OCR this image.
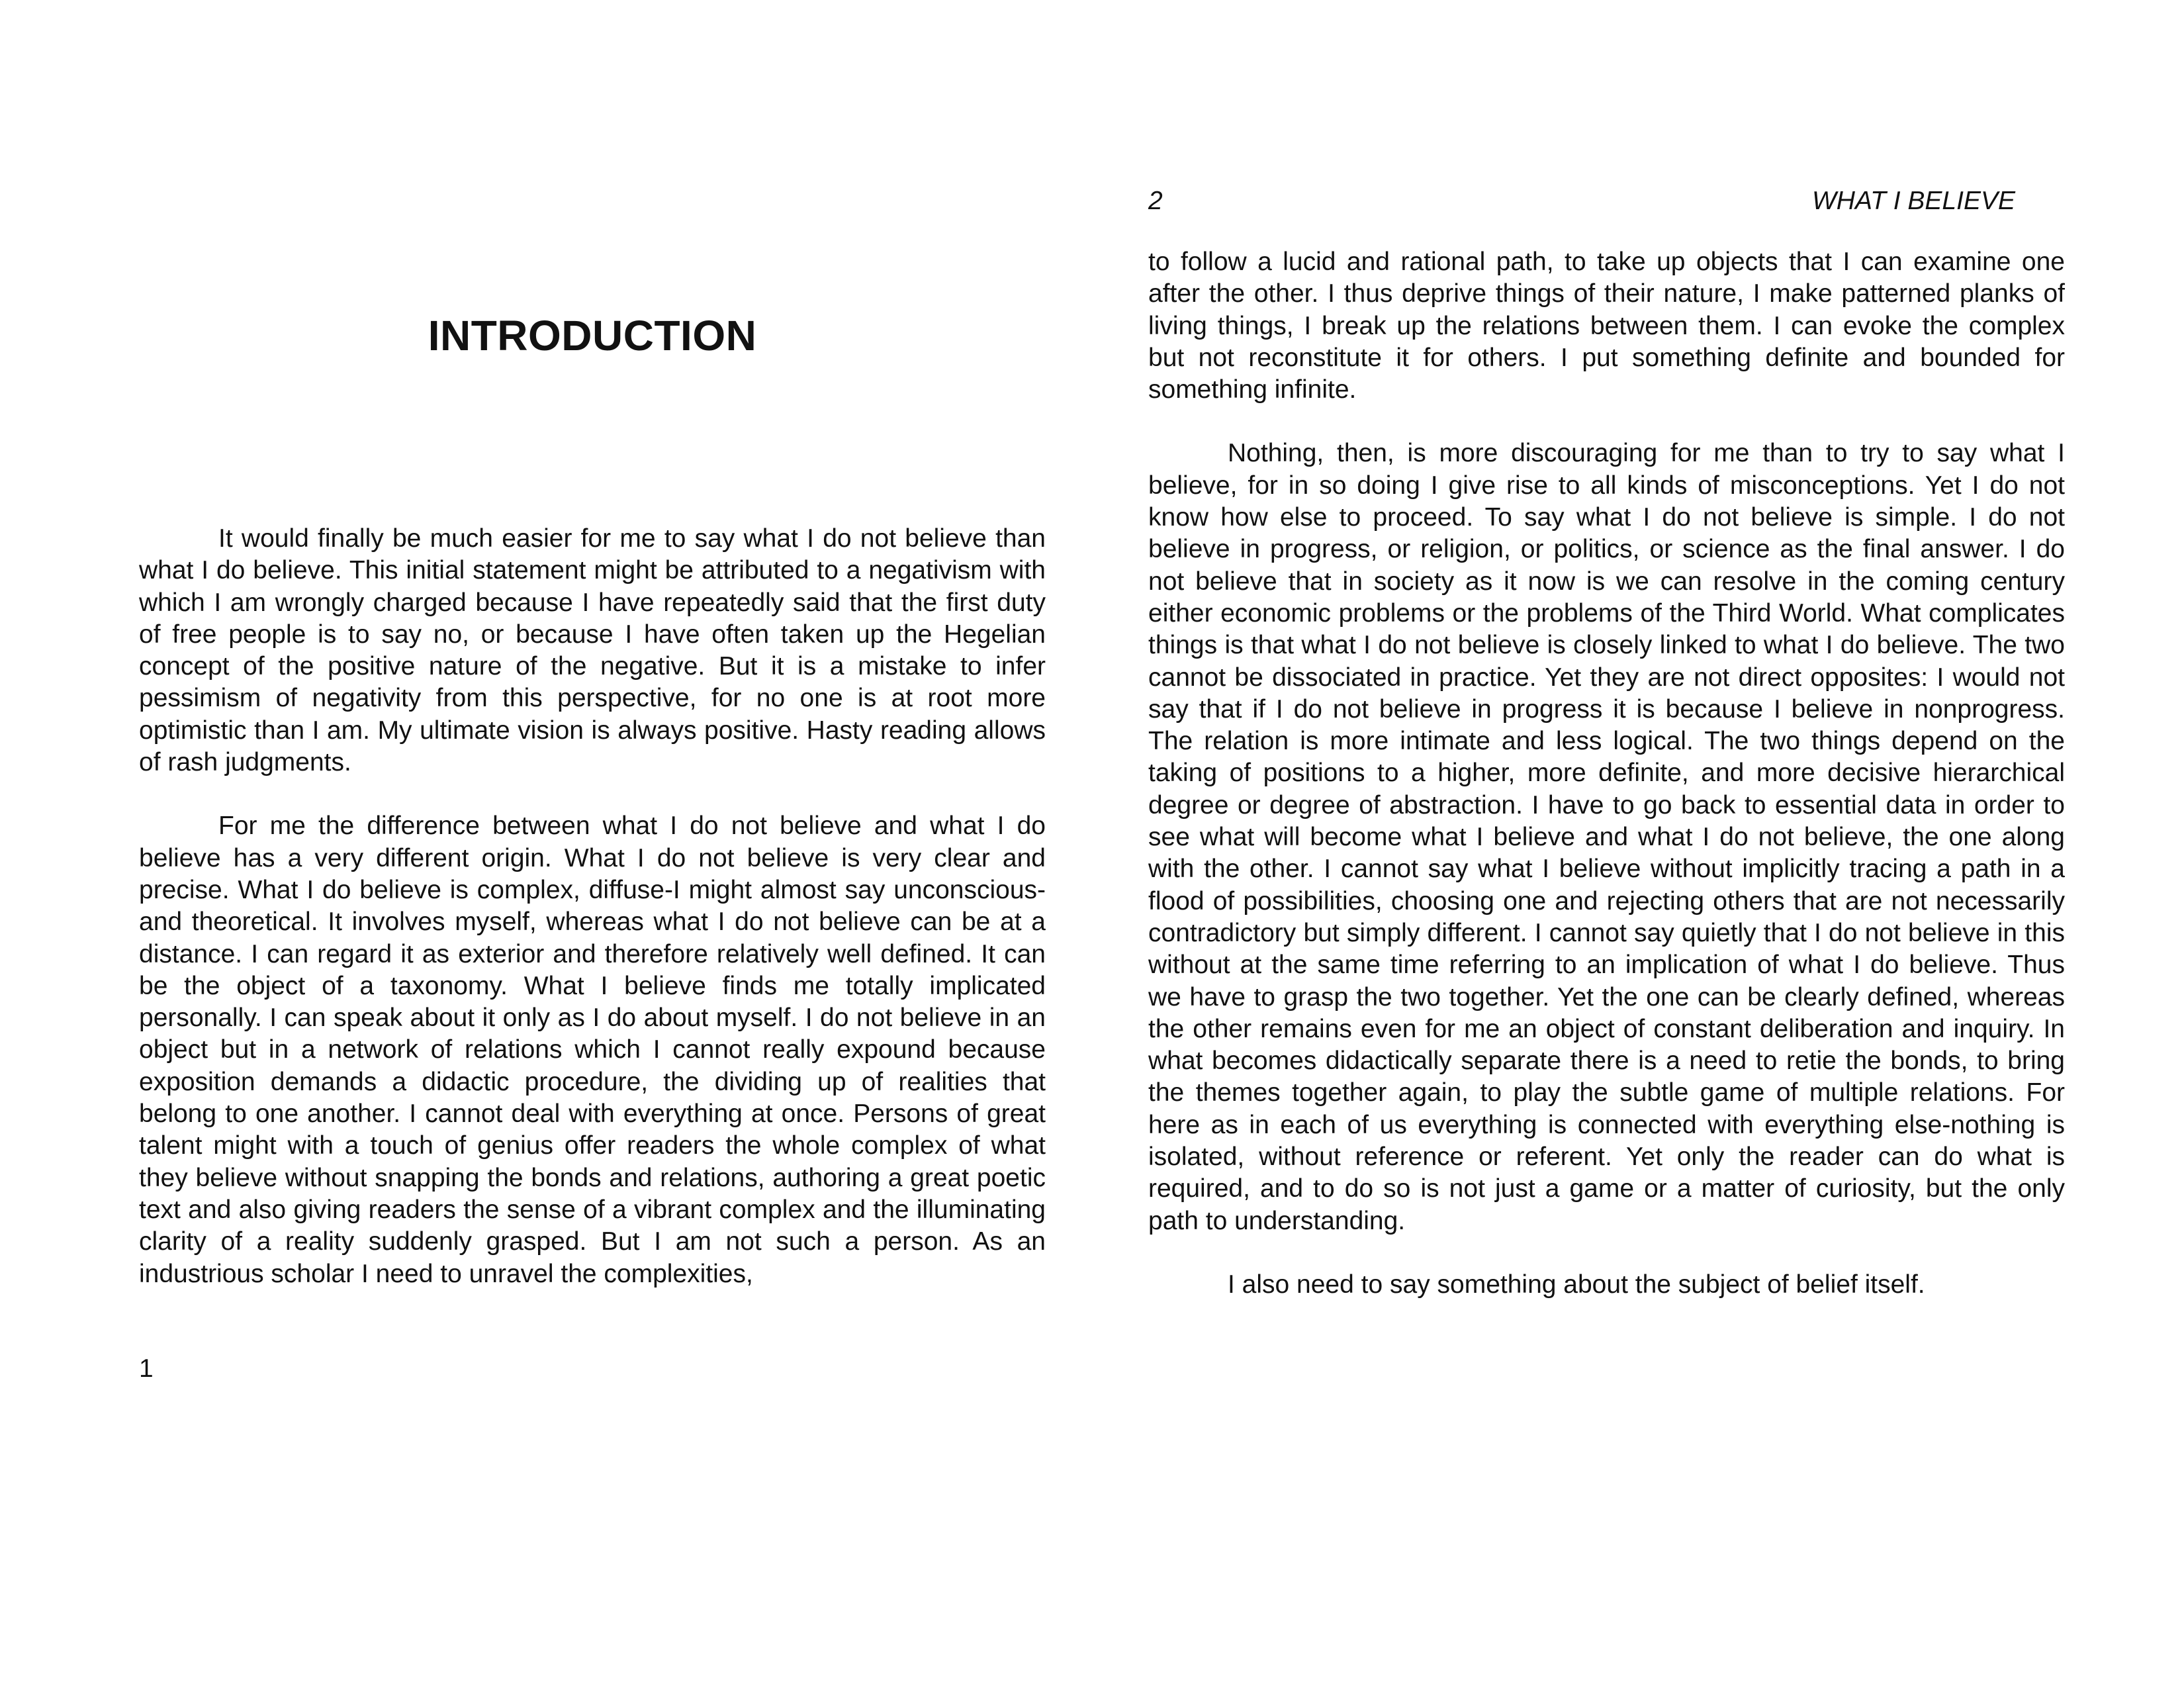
INTRODUCTION

It would finally be much easier for me to say what I do not believe than what I do believe. This initial statement might be attributed to a negativism with which I am wrongly charged because I have repeatedly said that the first duty of free people is to say no, or because I have often taken up the Hegelian concept of the positive nature of the negative. But it is a mistake to infer pessimism of negativity from this perspective, for no one is at root more optimistic than I am. My ultimate vision is always positive. Hasty reading allows of rash judgments.

For me the difference between what I do not believe and what I do believe has a very different origin. What I do not believe is very clear and precise. What I do believe is complex, diffuse-I might almost say unconscious-and theoretical. It involves myself, whereas what I do not believe can be at a distance. I can regard it as exterior and therefore relatively well defined. It can be the object of a taxonomy. What I believe finds me totally implicated personally. I can speak about it only as I do about myself. I do not believe in an object but in a network of relations which I cannot really expound because exposition demands a didactic procedure, the dividing up of realities that belong to one another. I cannot deal with everything at once. Persons of great talent might with a touch of genius offer readers the whole complex of what they believe without snapping the bonds and relations, authoring a great poetic text and also giving readers the sense of a vibrant complex and the illuminating clarity of a reality suddenly grasped. But I am not such a person. As an industrious scholar I need to unravel the complexities,

1
2	WHAT I BELIEVE

to follow a lucid and rational path, to take up objects that I can examine one after the other. I thus deprive things of their nature, I make patterned planks of living things, I break up the relations between them. I can evoke the complex but not reconstitute it for others. I put something definite and bounded for something infinite.

Nothing, then, is more discouraging for me than to try to say what I believe, for in so doing I give rise to all kinds of misconceptions. Yet I do not know how else to proceed. To say what I do not believe is simple. I do not believe in progress, or religion, or politics, or science as the final answer. I do not believe that in society as it now is we can resolve in the coming century either economic problems or the problems of the Third World. What complicates things is that what I do not believe is closely linked to what I do believe. The two cannot be dissociated in practice. Yet they are not direct opposites: I would not say that if I do not believe in progress it is because I believe in nonprogress. The relation is more intimate and less logical. The two things depend on the taking of positions to a higher, more definite, and more decisive hierarchical degree or degree of abstraction. I have to go back to essential data in order to see what will become what I believe and what I do not believe, the one along with the other. I cannot say what I believe without implicitly tracing a path in a flood of possibilities, choosing one and rejecting others that are not necessarily contradictory but simply different. I cannot say quietly that I do not believe in this without at the same time referring to an implication of what I do believe. Thus we have to grasp the two together. Yet the one can be clearly defined, whereas the other remains even for me an object of constant deliberation and inquiry. In what becomes didactically separate there is a need to retie the bonds, to bring the themes together again, to play the subtle game of multiple relations. For here as in each of us everything is connected with everything else-nothing is isolated, without reference or referent. Yet only the reader can do what is required, and to do so is not just a game or a matter of curiosity, but the only path to understanding.

I also need to say something about the subject of belief itself.
